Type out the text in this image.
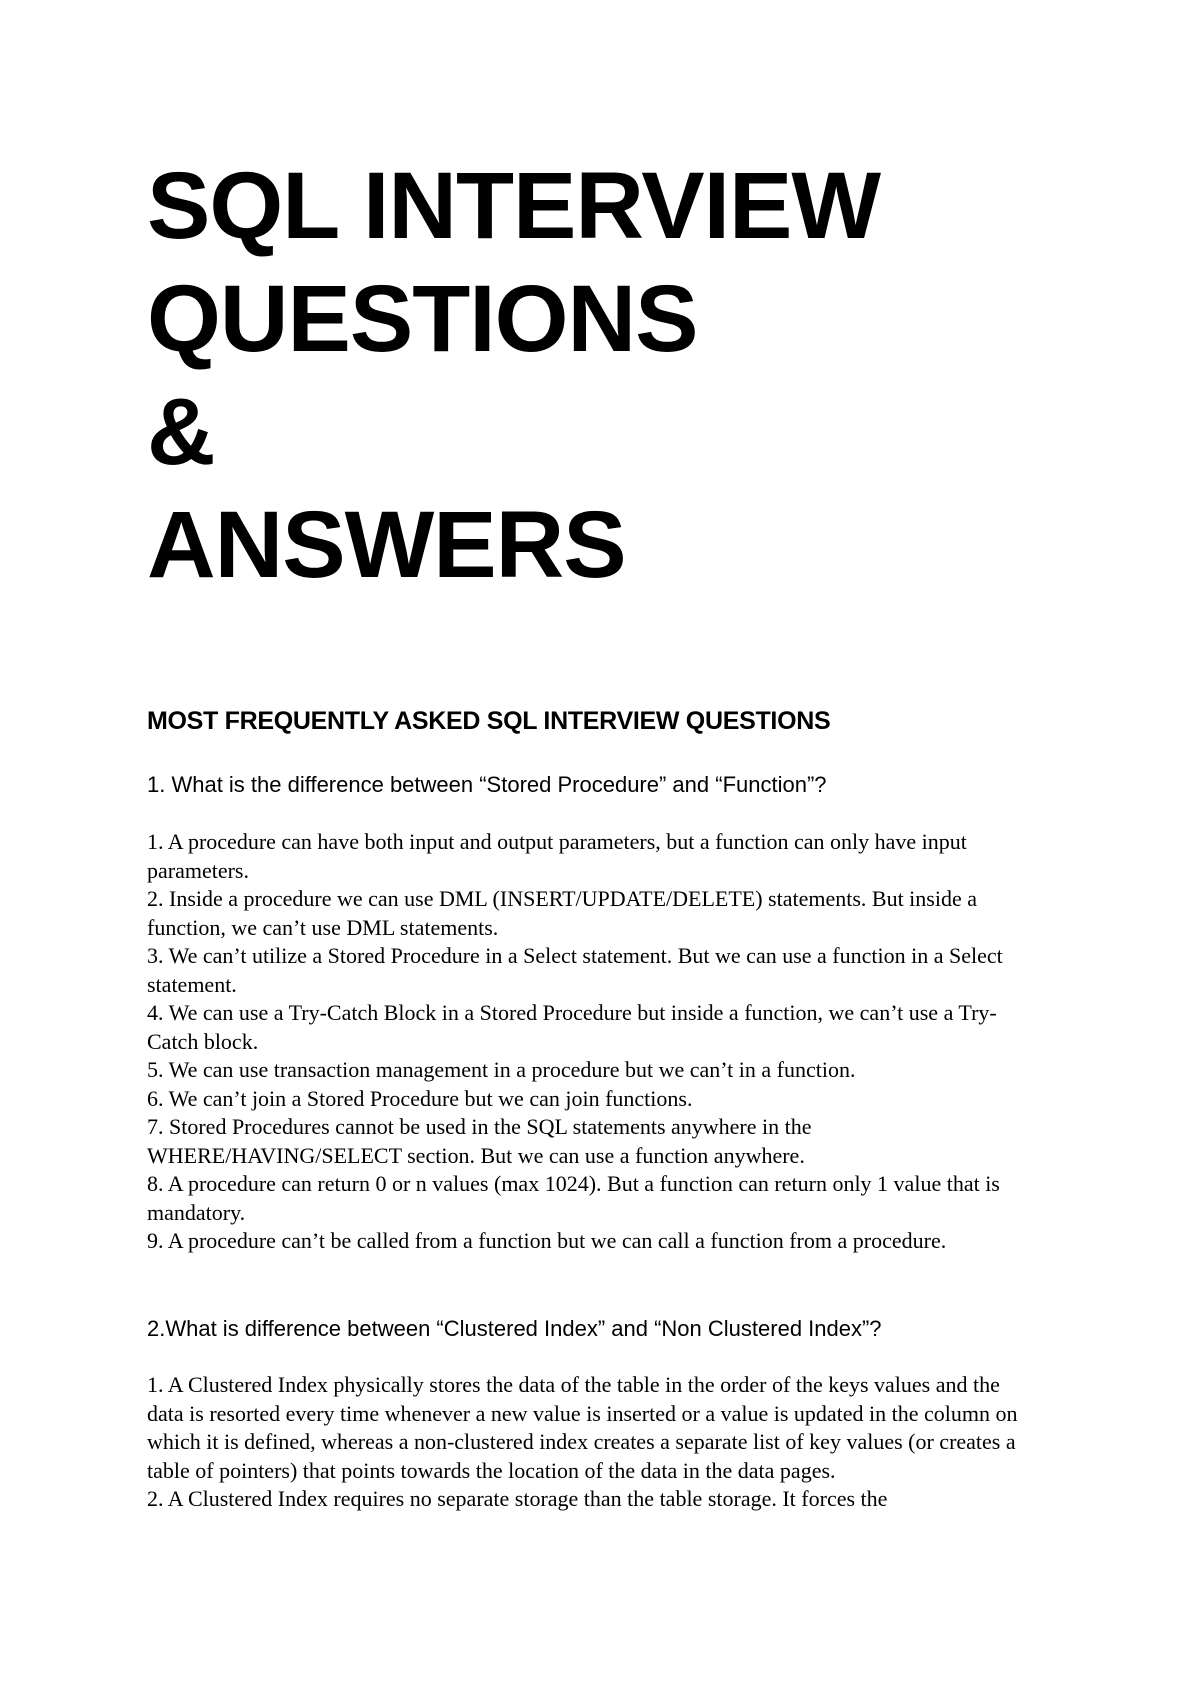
SQL INTERVIEW
QUESTIONS
&
ANSWERS
MOST FREQUENTLY ASKED SQL INTERVIEW QUESTIONS

1. What is the difference between “Stored Procedure” and “Function”?

1. A procedure can have both input and output parameters, but a function can only have input parameters.
2. Inside a procedure we can use DML (INSERT/UPDATE/DELETE) statements. But inside a function, we can’t use DML statements.
3. We can’t utilize a Stored Procedure in a Select statement. But we can use a function in a Select statement.
4. We can use a Try-Catch Block in a Stored Procedure but inside a function, we can’t use a Try-Catch block.
5. We can use transaction management in a procedure but we can’t in a function.
6. We can’t join a Stored Procedure but we can join functions.
7. Stored Procedures cannot be used in the SQL statements anywhere in the WHERE/HAVING/SELECT section. But we can use a function anywhere.
8. A procedure can return 0 or n values (max 1024). But a function can return only 1 value that is mandatory.
9. A procedure can’t be called from a function but we can call a function from a procedure.

2.What is difference between “Clustered Index” and “Non Clustered Index”?

1. A Clustered Index physically stores the data of the table in the order of the keys values and the data is resorted every time whenever a new value is inserted or a value is updated in the column on which it is defined, whereas a non-clustered index creates a separate list of key values (or creates a table of pointers) that points towards the location of the data in the data pages.
2. A Clustered Index requires no separate storage than the table storage. It forces the
